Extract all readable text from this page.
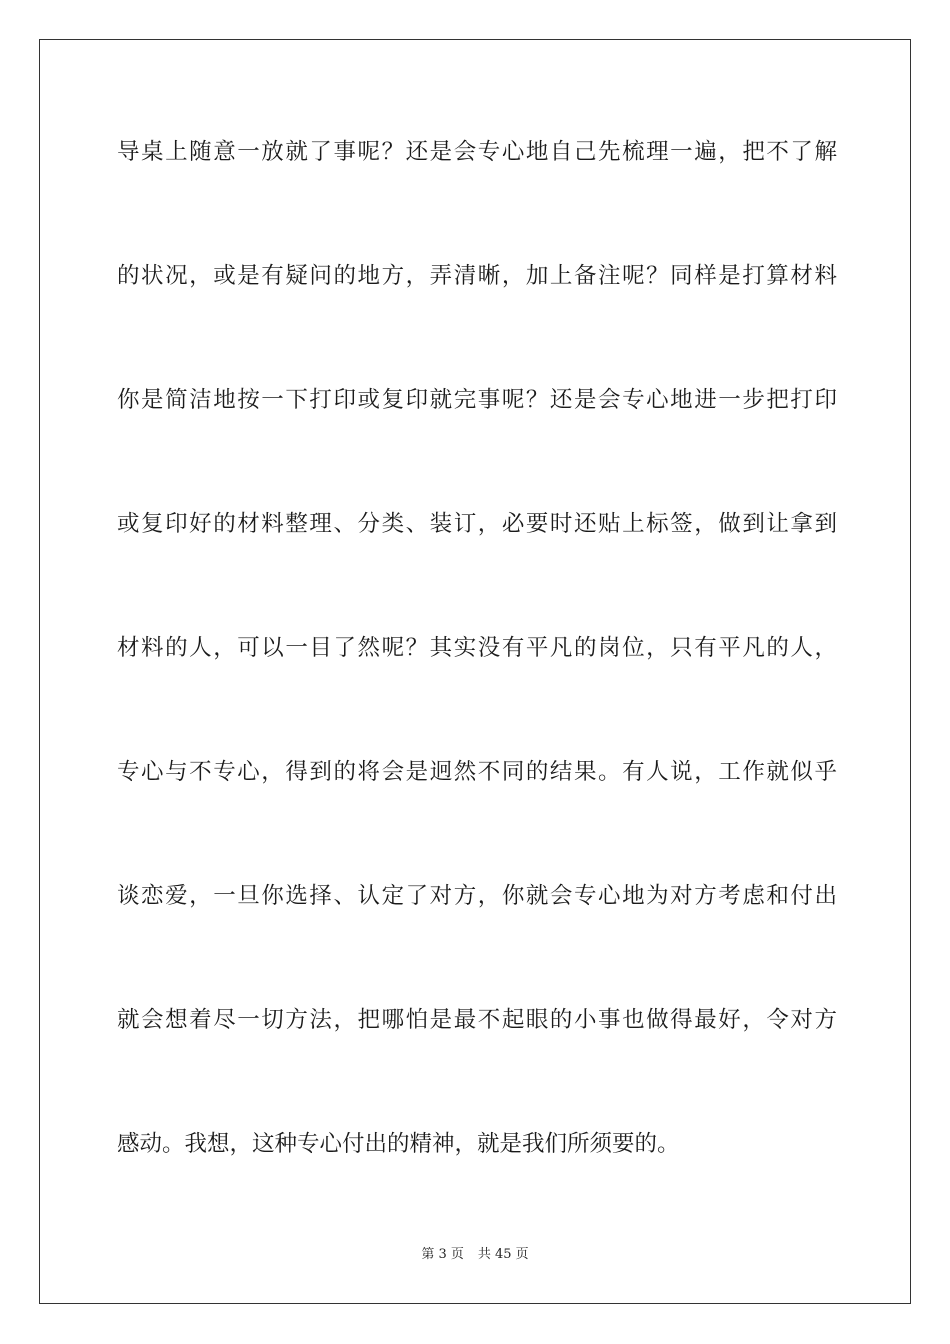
导桌上随意一放就了事呢？还是会专心地自己先梳理一遍，把不了解
的状况，或是有疑问的地方，弄清晰，加上备注呢？同样是打算材料
你是简洁地按一下打印或复印就完事呢？还是会专心地进一步把打印
或复印好的材料整理、分类、装订，必要时还贴上标签，做到让拿到
材料的人，可以一目了然呢？其实没有平凡的岗位，只有平凡的人，
专心与不专心，得到的将会是迥然不同的结果。有人说，工作就似乎
谈恋爱，一旦你选择、认定了对方，你就会专心地为对方考虑和付出
就会想着尽一切方法，把哪怕是最不起眼的小事也做得最好，令对方
感动。我想，这种专心付出的精神，就是我们所须要的。
第 3 页 共 45 页
